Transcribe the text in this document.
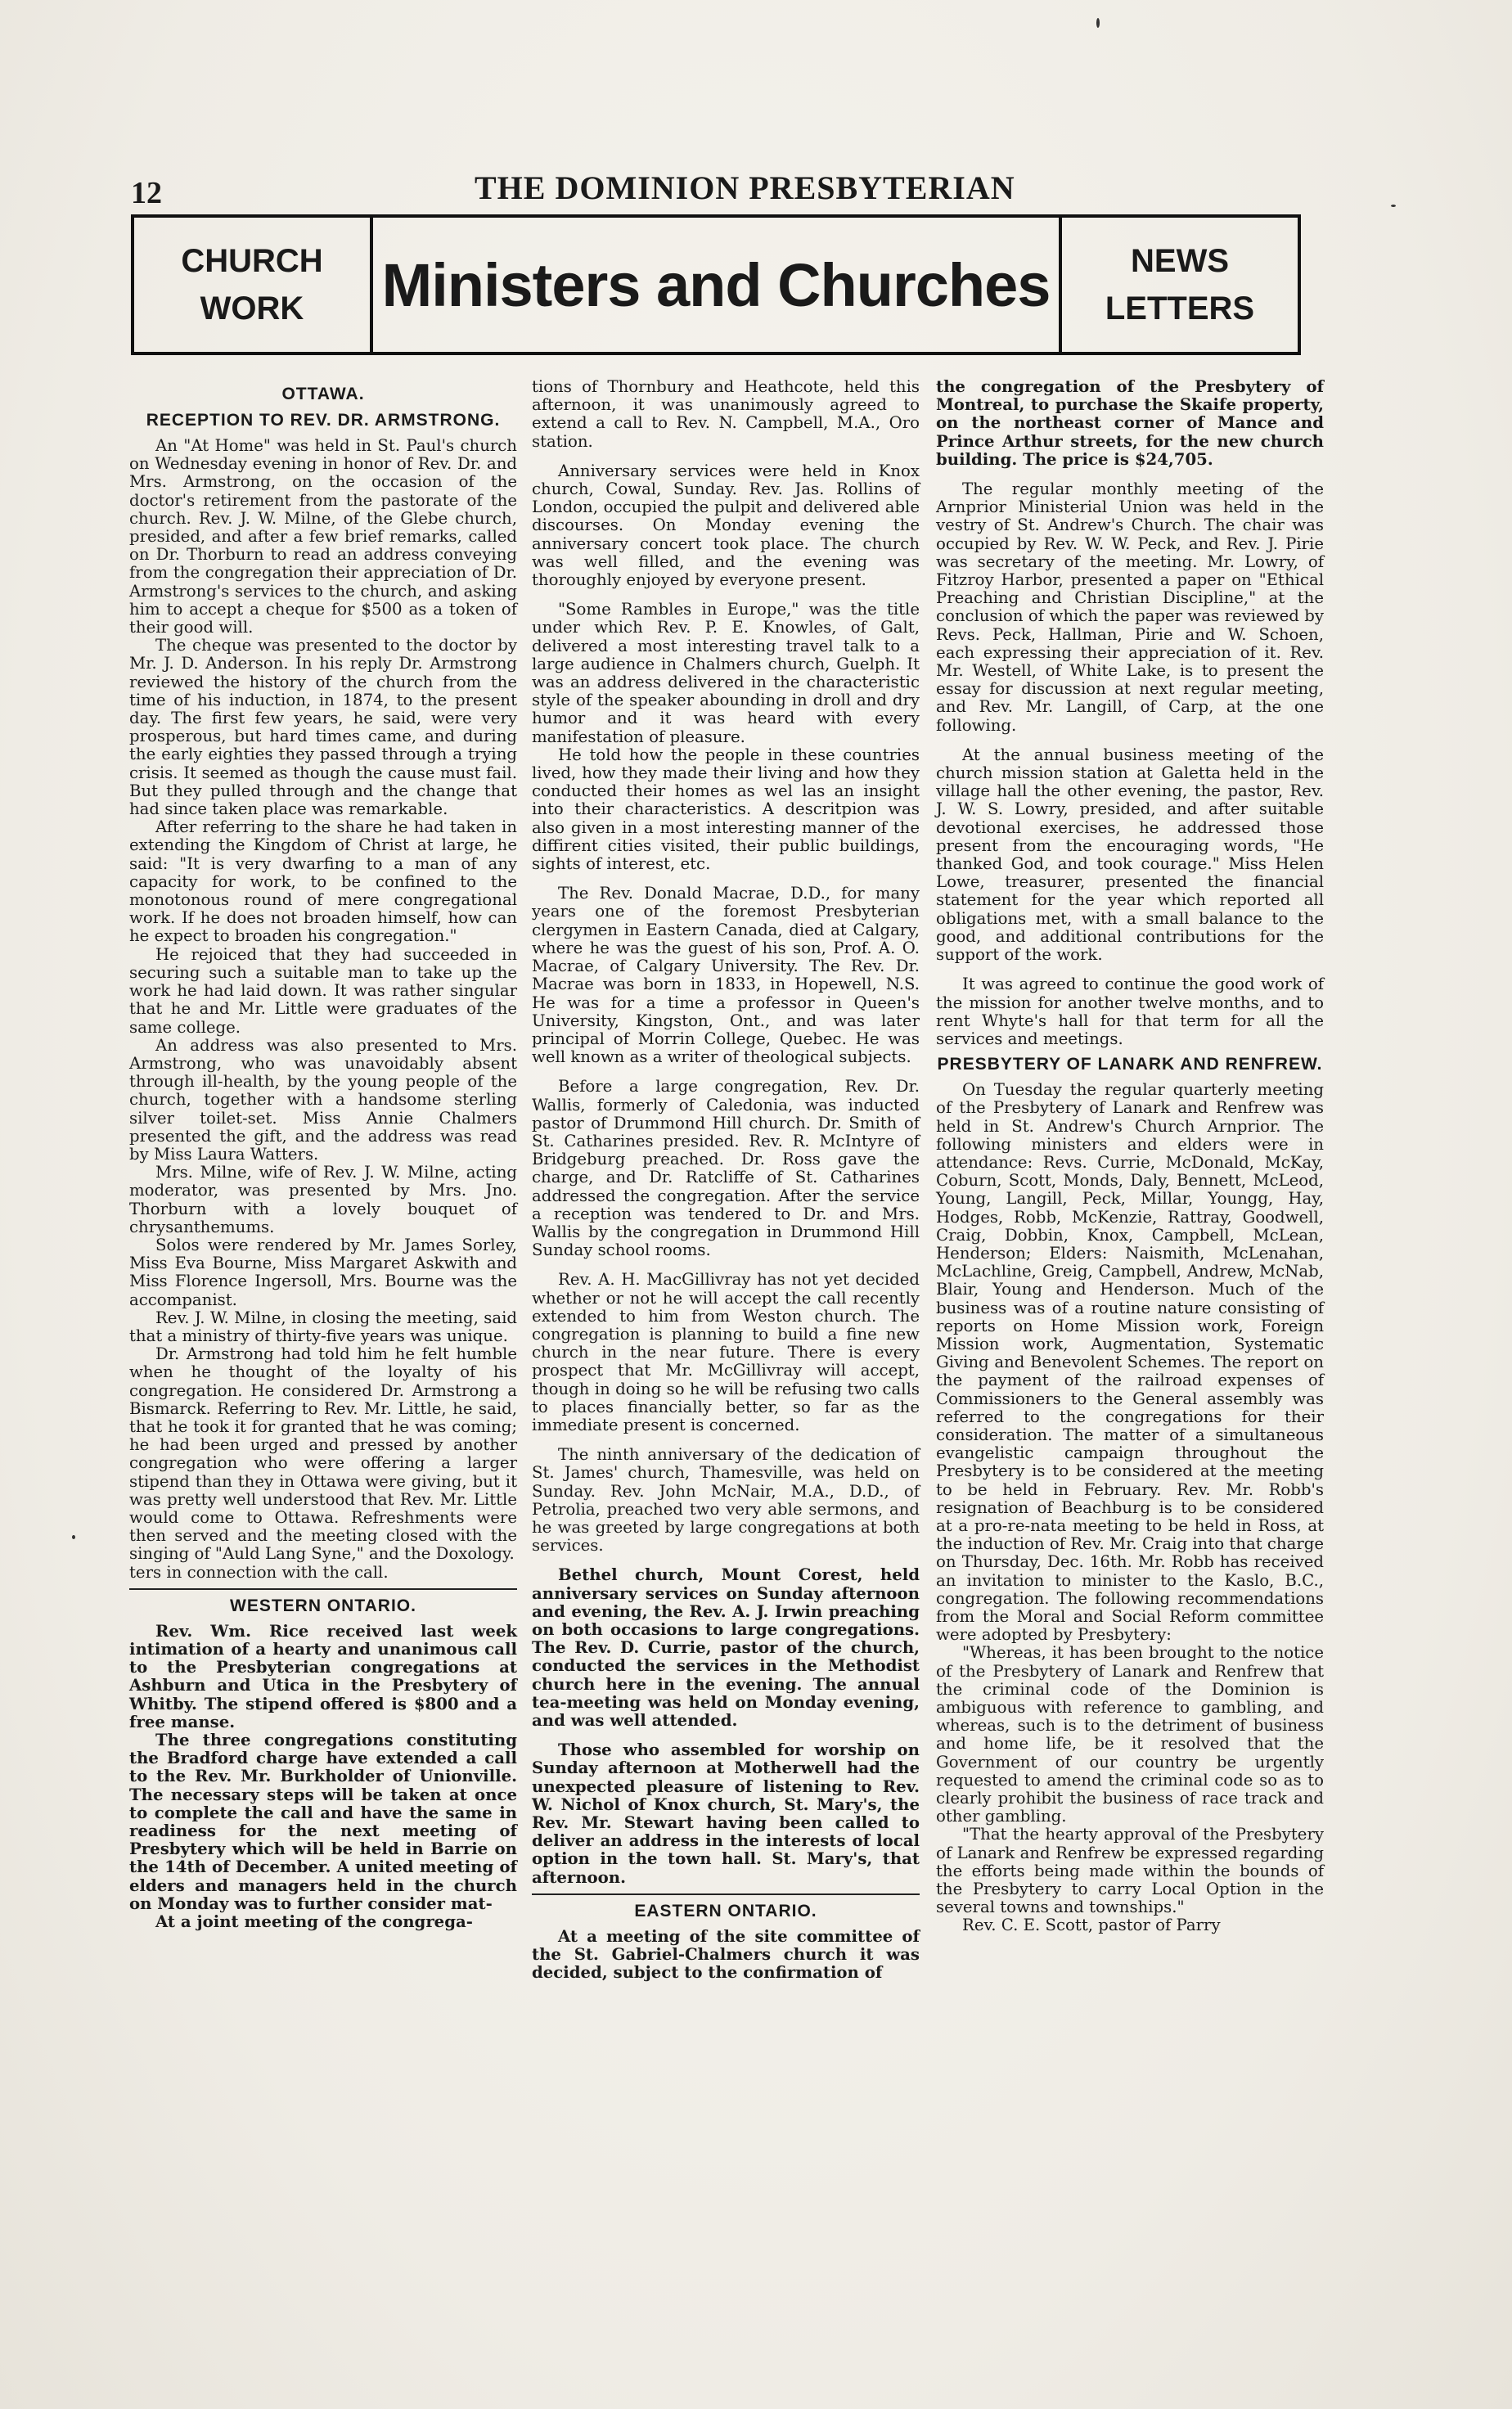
12	THE DOMINION PRESBYTERIAN
CHURCH
WORK Ministers and Churches NEWS
LETTERS
OTTAWA.
RECEPTION TO REV. DR. ARMSTRONG.

An "At Home" was held in St. Paul's church on Wednesday evening in honor of Rev. Dr. and Mrs. Armstrong, on the occasion of the doctor's retirement from the pastorate of the church. Rev. J. W. Milne, of the Glebe church, presided, and after a few brief remarks, called on Dr. Thorburn to read an address conveying from the congregation their appreciation of Dr. Armstrong's services to the church, and asking him to accept a cheque for $500 as a token of their good will.

The cheque was presented to the doctor by Mr. J. D. Anderson. In his reply Dr. Armstrong reviewed the history of the church from the time of his induction, in 1874, to the present day. The first few years, he said, were very prosperous, but hard times came, and during the early eighties they passed through a trying crisis. It seemed as though the cause must fail. But they pulled through and the change that had since taken place was remarkable.

After referring to the share he had taken in extending the Kingdom of Christ at large, he said: "It is very dwarfing to a man of any capacity for work, to be confined to the monotonous round of mere congregational work. If he does not broaden himself, how can he expect to broaden his congregation."

He rejoiced that they had succeeded in securing such a suitable man to take up the work he had laid down. It was rather singular that he and Mr. Little were graduates of the same college.

An address was also presented to Mrs. Armstrong, who was unavoidably absent through ill-health, by the young people of the church, together with a handsome sterling silver toilet-set. Miss Annie Chalmers presented the gift, and the address was read by Miss Laura Watters.

Mrs. Milne, wife of Rev. J. W. Milne, acting moderator, was presented by Mrs. Jno. Thorburn with a lovely bouquet of chrysanthemums.

Solos were rendered by Mr. James Sorley, Miss Eva Bourne, Miss Margaret Askwith and Miss Florence Ingersoll, Mrs. Bourne was the accompanist.

Rev. J. W. Milne, in closing the meeting, said that a ministry of thirty-five years was unique.

Dr. Armstrong had told him he felt humble when he thought of the loyalty of his congregation. He considered Dr. Armstrong a Bismarck. Referring to Rev. Mr. Little, he said, that he took it for granted that he was coming; he had been urged and pressed by another congregation who were offering a larger stipend than they in Ottawa were giving, but it was pretty well understood that Rev. Mr. Little would come to Ottawa. Refreshments were then served and the meeting closed with the singing of "Auld Lang Syne," and the Doxology.

ters in connection with the call.

WESTERN ONTARIO.

Rev. Wm. Rice received last week intimation of a hearty and unanimous call to the Presbyterian congregations at Ashburn and Utica in the Presbytery of Whitby. The stipend offered is $800 and a free manse.

The three congregations constituting the Bradford charge have extended a call to the Rev. Mr. Burkholder of Unionville. The necessary steps will be taken at once to complete the call and have the same in readiness for the next meeting of Presbytery which will be held in Barrie on the 14th of December. A united meeting of elders and managers held in the church on Monday was to further consider mat-

At a joint meeting of the congrega-

tions of Thornbury and Heathcote, held this afternoon, it was unanimously agreed to extend a call to Rev. N. Campbell, M.A., Oro station.

Anniversary services were held in Knox church, Cowal, Sunday. Rev. Jas. Rollins of London, occupied the pulpit and delivered able discourses. On Monday evening the anniversary concert took place. The church was well filled, and the evening was thoroughly enjoyed by everyone present.

"Some Rambles in Europe," was the title under which Rev. P. E. Knowles, of Galt, delivered a most interesting travel talk to a large audience in Chalmers church, Guelph. It was an address delivered in the characteristic style of the speaker abounding in droll and dry humor and it was heard with every manifestation of pleasure.

He told how the people in these countries lived, how they made their living and how they conducted their homes as wel las an insight into their characteristics. A descritpion was also given in a most interesting manner of the diffirent cities visited, their public buildings, sights of interest, etc.

The Rev. Donald Macrae, D.D., for many years one of the foremost Presbyterian clergymen in Eastern Canada, died at Calgary, where he was the guest of his son, Prof. A. O. Macrae, of Calgary University. The Rev. Dr. Macrae was born in 1833, in Hopewell, N.S. He was for a time a professor in Queen's University, Kingston, Ont., and was later principal of Morrin College, Quebec. He was well known as a writer of theological subjects.

Before a large congregation, Rev. Dr. Wallis, formerly of Caledonia, was inducted pastor of Drummond Hill church. Dr. Smith of St. Catharines presided. Rev. R. McIntyre of Bridgeburg preached. Dr. Ross gave the charge, and Dr. Ratcliffe of St. Catharines addressed the congregation. After the service a reception was tendered to Dr. and Mrs. Wallis by the congregation in Drummond Hill Sunday school rooms.

Rev. A. H. MacGillivray has not yet decided whether or not he will accept the call recently extended to him from Weston church. The congregation is planning to build a fine new church in the near future. There is every prospect that Mr. McGillivray will accept, though in doing so he will be refusing two calls to places financially better, so far as the immediate present is concerned.

The ninth anniversary of the dedication of St. James' church, Thamesville, was held on Sunday. Rev. John McNair, M.A., D.D., of Petrolia, preached two very able sermons, and he was greeted by large congregations at both services.

Bethel church, Mount Corest, held anniversary services on Sunday afternoon and evening, the Rev. A. J. Irwin preaching on both occasions to large congregations. The Rev. D. Currie, pastor of the church, conducted the services in the Methodist church here in the evening. The annual tea-meeting was held on Monday evening, and was well attended.

Those who assembled for worship on Sunday afternoon at Motherwell had the unexpected pleasure of listening to Rev. W. Nichol of Knox church, St. Mary's, the Rev. Mr. Stewart having been called to deliver an address in the interests of local option in the town hall. St. Mary's, that afternoon.

EASTERN ONTARIO.

At a meeting of the site committee of the St. Gabriel-Chalmers church it was decided, subject to the confirmation of

the congregation of the Presbytery of Montreal, to purchase the Skaife property, on the northeast corner of Mance and Prince Arthur streets, for the new church building. The price is $24,705.

The regular monthly meeting of the Arnprior Ministerial Union was held in the vestry of St. Andrew's Church. The chair was occupied by Rev. W. W. Peck, and Rev. J. Pirie was secretary of the meeting. Mr. Lowry, of Fitzroy Harbor, presented a paper on "Ethical Preaching and Christian Discipline," at the conclusion of which the paper was reviewed by Revs. Peck, Hallman, Pirie and W. Schoen, each expressing their appreciation of it. Rev. Mr. Westell, of White Lake, is to present the essay for discussion at next regular meeting, and Rev. Mr. Langill, of Carp, at the one following.

At the annual business meeting of the church mission station at Galetta held in the village hall the other evening, the pastor, Rev. J. W. S. Lowry, presided, and after suitable devotional exercises, he addressed those present from the encouraging words, "He thanked God, and took courage." Miss Helen Lowe, treasurer, presented the financial statement for the year which reported all obligations met, with a small balance to the good, and additional contributions for the support of the work.

It was agreed to continue the good work of the mission for another twelve months, and to rent Whyte's hall for that term for all the services and meetings.

PRESBYTERY OF LANARK AND RENFREW.

On Tuesday the regular quarterly meeting of the Presbytery of Lanark and Renfrew was held in St. Andrew's Church Arnprior. The following ministers and elders were in attendance: Revs. Currie, McDonald, McKay, Coburn, Scott, Monds, Daly, Bennett, McLeod, Young, Langill, Peck, Millar, Youngg, Hay, Hodges, Robb, McKenzie, Rattray, Goodwell, Craig, Dobbin, Knox, Campbell, McLean, Henderson; Elders: Naismith, McLenahan, McLachline, Greig, Campbell, Andrew, McNab, Blair, Young and Henderson. Much of the business was of a routine nature consisting of reports on Home Mission work, Foreign Mission work, Augmentation, Systematic Giving and Benevolent Schemes. The report on the payment of the railroad expenses of Commissioners to the General assembly was referred to the congregations for their consideration. The matter of a simultaneous evangelistic campaign throughout the Presbytery is to be considered at the meeting to be held in February. Rev. Mr. Robb's resignation of Beachburg is to be considered at a pro-re-nata meeting to be held in Ross, at the induction of Rev. Mr. Craig into that charge on Thursday, Dec. 16th. Mr. Robb has received an invitation to minister to the Kaslo, B.C., congregation. The following recommendations from the Moral and Social Reform committee were adopted by Presbytery:

"Whereas, it has been brought to the notice of the Presbytery of Lanark and Renfrew that the criminal code of the Dominion is ambiguous with reference to gambling, and whereas, such is to the detriment of business and home life, be it resolved that the Government of our country be urgently requested to amend the criminal code so as to clearly prohibit the business of race track and other gambling.

"That the hearty approval of the Presbytery of Lanark and Renfrew be expressed regarding the efforts being made within the bounds of the Presbytery to carry Local Option in the several towns and townships."

Rev. C. E. Scott, pastor of Parry
